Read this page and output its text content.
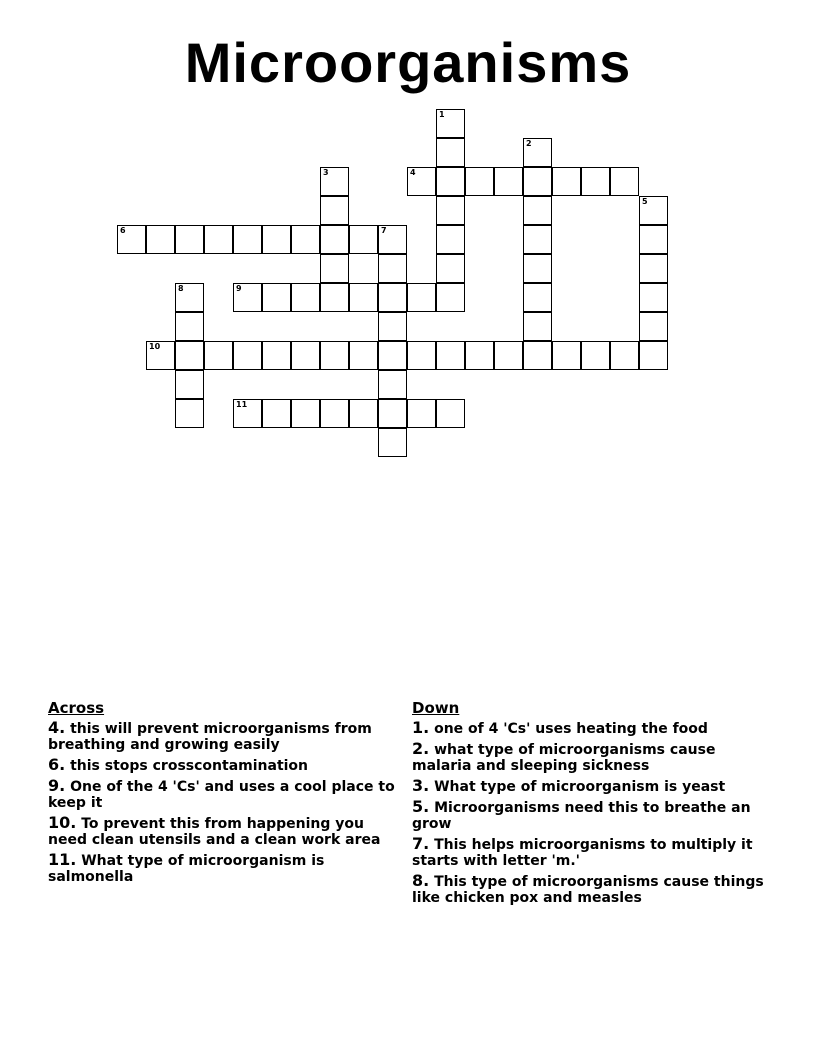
Microorganisms
1
2
3	4
5
6	7
8	9
10
11
Across
4. this will prevent microorganisms from breathing and growing easily
6. this stops crosscontamination
9. One of the 4 'Cs' and uses a cool place to keep it
10. To prevent this from happening you need clean utensils and a clean work area
11. What type of microorganism is salmonella
Down
1. one of 4 'Cs' uses heating the food
2. what type of microorganisms cause malaria and sleeping sickness
3. What type of microorganism is yeast
5. Microorganisms need this to breathe an grow
7. This helps microorganisms to multiply it starts with letter 'm.'
8. This type of microorganisms cause things like chicken pox and measles
